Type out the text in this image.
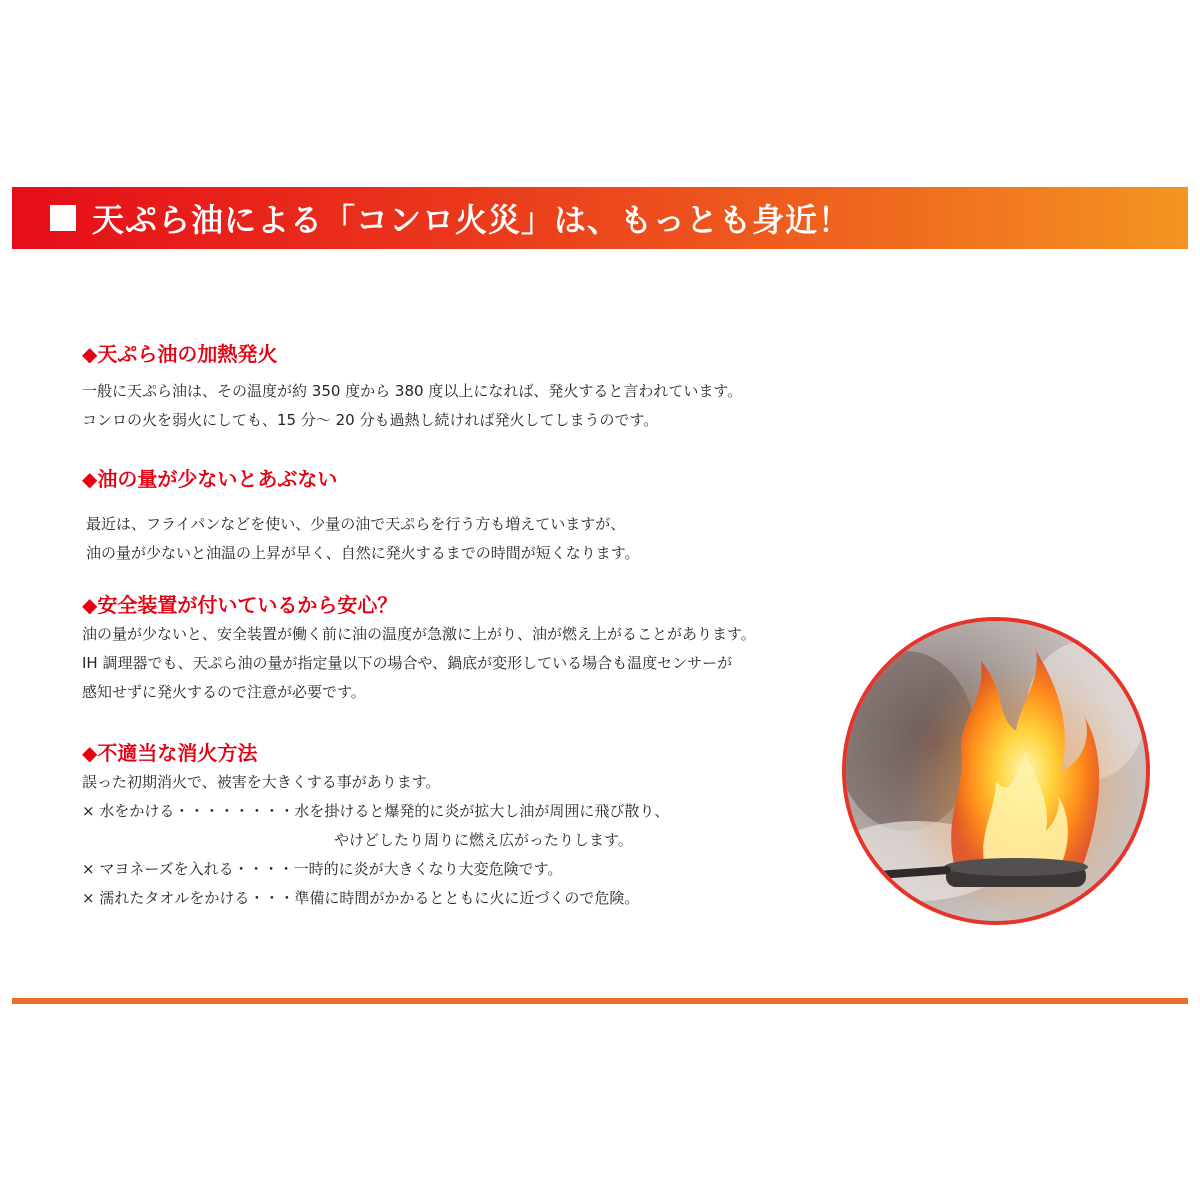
天ぷら油による「コンロ火災」は、もっとも身近！

◆天ぷら油の加熱発火

一般に天ぷら油は、その温度が約 350 度から 380 度以上になれば、発火すると言われています。

コンロの火を弱火にしても、15 分～ 20 分も過熱し続ければ発火してしまうのです。

◆油の量が少ないとあぶない

最近は、フライパンなどを使い、少量の油で天ぷらを行う方も増えていますが、

油の量が少ないと油温の上昇が早く、自然に発火するまでの時間が短くなります。

◆安全装置が付いているから安心？

油の量が少ないと、安全装置が働く前に油の温度が急激に上がり、油が燃え上がることがあります。

IH 調理器でも、天ぷら油の量が指定量以下の場合や、鍋底が変形している場合も温度センサーが

感知せずに発火するので注意が必要です。

◆不適当な消火方法

誤った初期消火で、被害を大きくする事があります。

× 水をかける・・・・・・・・ 水を掛けると爆発的に炎が拡大し油が周囲に飛び散り、
やけどしたり周りに燃え広がったりします。
× マヨネーズを入れる・・・・ 一時的に炎が大きくなり大変危険です。
× 濡れたタオルをかける・・・ 準備に時間がかかるとともに火に近づくので危険。
